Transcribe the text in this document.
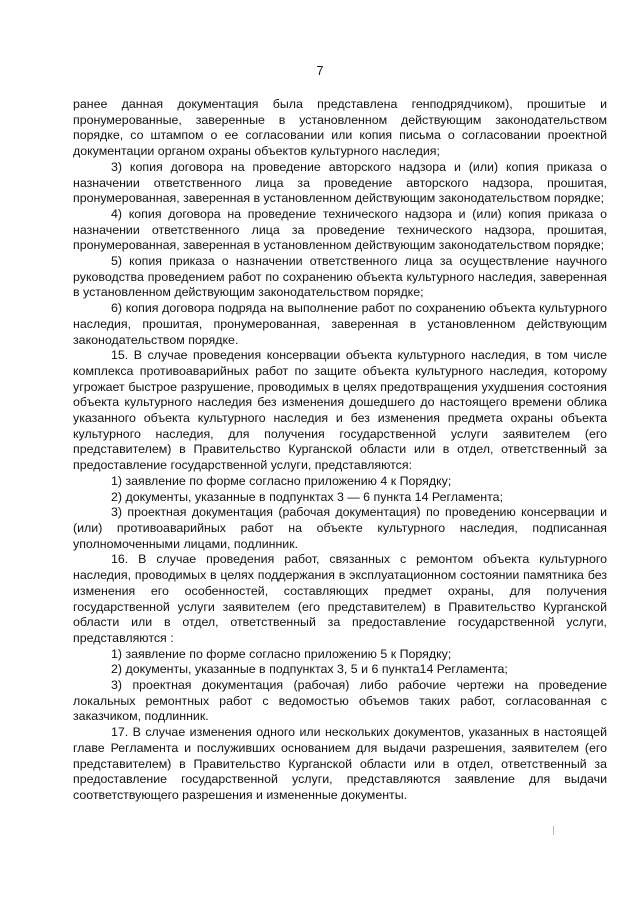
7

ранее данная документация была представлена генподрядчиком), прошитые и пронумерованные, заверенные в установленном действующим законодательством порядке, со штампом о ее согласовании или копия письма о согласовании проектной документации органом охраны объектов культурного наследия;

3) копия договора на проведение авторского надзора и (или) копия приказа о назначении ответственного лица за проведение авторского надзора, прошитая, пронумерованная, заверенная в установленном действующим законодательством порядке;

4) копия договора на проведение технического надзора и (или) копия приказа о назначении ответственного лица за проведение технического надзора, прошитая, пронумерованная, заверенная в установленном действующим законодательством порядке;

5) копия приказа о назначении ответственного лица за осуществление научного руководства проведением работ по сохранению объекта культурного наследия, заверенная в установленном действующим законодательством порядке;

6) копия договора подряда на выполнение работ по сохранению объекта культурного наследия, прошитая, пронумерованная, заверенная в установленном действующим законодательством порядке.

15. В случае проведения консервации объекта культурного наследия, в том числе комплекса противоаварийных работ по защите объекта культурного наследия, которому угрожает быстрое разрушение, проводимых в целях предотвращения ухудшения состояния объекта культурного наследия без изменения дошедшего до настоящего времени облика указанного объекта культурного наследия и без изменения предмета охраны объекта культурного наследия, для получения государственной услуги заявителем (его представителем) в Правительство Курганской области или в отдел, ответственный за предоставление государственной услуги, представляются:

1) заявление по форме согласно приложению 4 к Порядку;

2) документы, указанные в подпунктах 3 — 6 пункта 14 Регламента;

3) проектная документация (рабочая документация) по проведению консервации и (или) противоаварийных работ на объекте культурного наследия, подписанная уполномоченными лицами, подлинник.

16. В случае проведения работ, связанных с ремонтом объекта культурного наследия, проводимых в целях поддержания в эксплуатационном состоянии памятника без изменения его особенностей, составляющих предмет охраны, для получения государственной услуги заявителем (его представителем) в Правительство Курганской области или в отдел, ответственный за предоставление государственной услуги, представляются :

1) заявление по форме согласно приложению 5 к Порядку;

2) документы, указанные в подпунктах 3, 5 и 6 пункта14 Регламента;

3) проектная документация (рабочая) либо рабочие чертежи на проведение локальных ремонтных работ с ведомостью объемов таких работ, согласованная с заказчиком, подлинник.

17. В случае изменения одного или нескольких документов, указанных в настоящей главе Регламента и послуживших основанием для выдачи разрешения, заявителем (его представителем) в Правительство Курганской области или в отдел, ответственный за предоставление государственной услуги, представляются заявление для выдачи соответствующего разрешения и измененные документы.
